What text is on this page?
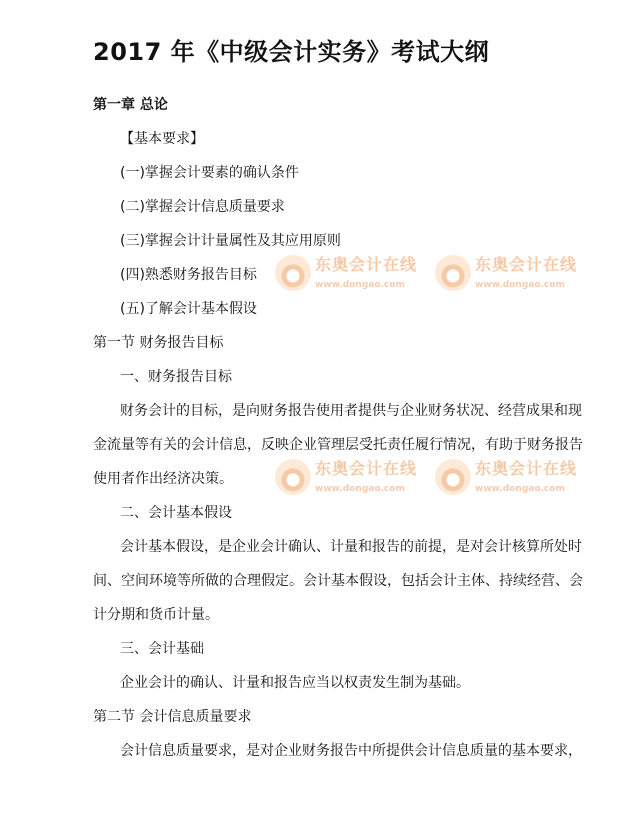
2017 年《中级会计实务》考试大纲
第一章 总论
【基本要求】
(一)掌握会计要素的确认条件
(二)掌握会计信息质量要求
(三)掌握会计计量属性及其应用原则
(四)熟悉财务报告目标
(五)了解会计基本假设
第一节 财务报告目标
一、财务报告目标
财务会计的目标，是向财务报告使用者提供与企业财务状况、经营成果和现
金流量等有关的会计信息，反映企业管理层受托责任履行情况，有助于财务报告
使用者作出经济决策。
二、会计基本假设
会计基本假设，是企业会计确认、计量和报告的前提，是对会计核算所处时
间、空间环境等所做的合理假定。会计基本假设，包括会计主体、持续经营、会
计分期和货币计量。
三、会计基础
企业会计的确认、计量和报告应当以权责发生制为基础。
第二节 会计信息质量要求
会计信息质量要求，是对企业财务报告中所提供会计信息质量的基本要求，
东奥会计在线
www.dongao.com
东奥会计在线
www.dongao.com
东奥会计在线
www.dongao.com
东奥会计在线
www.dongao.com
